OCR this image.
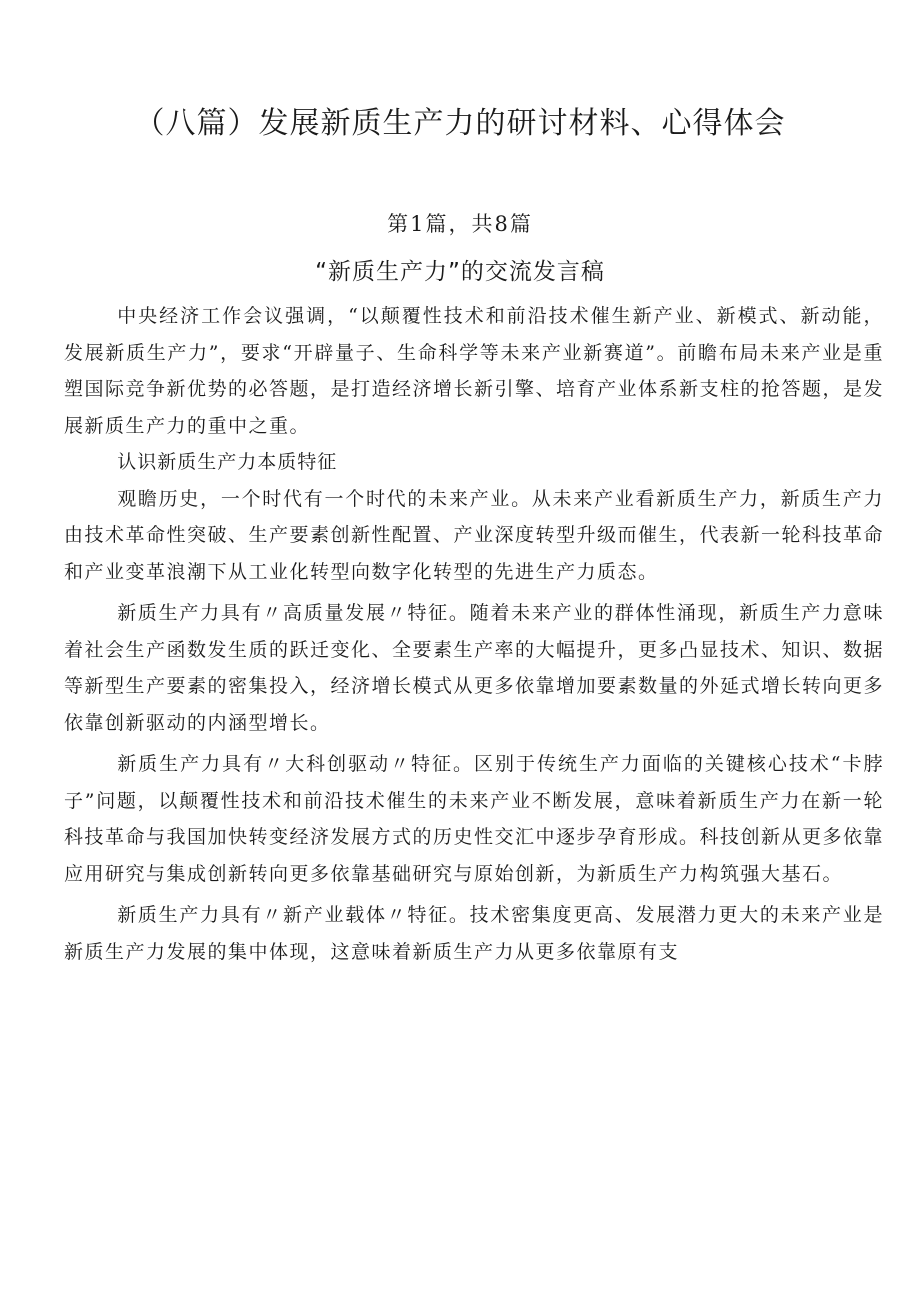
（八篇）发展新质生产力的研讨材料、心得体会
第1篇，共8篇
“新质生产力”的交流发言稿

中央经济工作会议强调，“以颠覆性技术和前沿技术催生新产业、新模式、新动能，发展新质生产力”，要求“开辟量子、生命科学等未来产业新赛道”。前瞻布局未来产业是重塑国际竞争新优势的必答题，是打造经济增长新引擎、培育产业体系新支柱的抢答题，是发展新质生产力的重中之重。

认识新质生产力本质特征

观瞻历史，一个时代有一个时代的未来产业。从未来产业看新质生产力，新质生产力由技术革命性突破、生产要素创新性配置、产业深度转型升级而催生，代表新一轮科技革命和产业变革浪潮下从工业化转型向数字化转型的先进生产力质态。

新质生产力具有〃高质量发展〃特征。随着未来产业的群体性涌现，新质生产力意味着社会生产函数发生质的跃迁变化、全要素生产率的大幅提升，更多凸显技术、知识、数据等新型生产要素的密集投入，经济增长模式从更多依靠增加要素数量的外延式增长转向更多依靠创新驱动的内涵型增长。

新质生产力具有〃大科创驱动〃特征。区别于传统生产力面临的关键核心技术“卡脖子”问题，以颠覆性技术和前沿技术催生的未来产业不断发展，意味着新质生产力在新一轮科技革命与我国加快转变经济发展方式的历史性交汇中逐步孕育形成。科技创新从更多依靠应用研究与集成创新转向更多依靠基础研究与原始创新，为新质生产力构筑强大基石。

新质生产力具有〃新产业载体〃特征。技术密集度更高、发展潜力更大的未来产业是新质生产力发展的集中体现，这意味着新质生产力从更多依靠原有支
